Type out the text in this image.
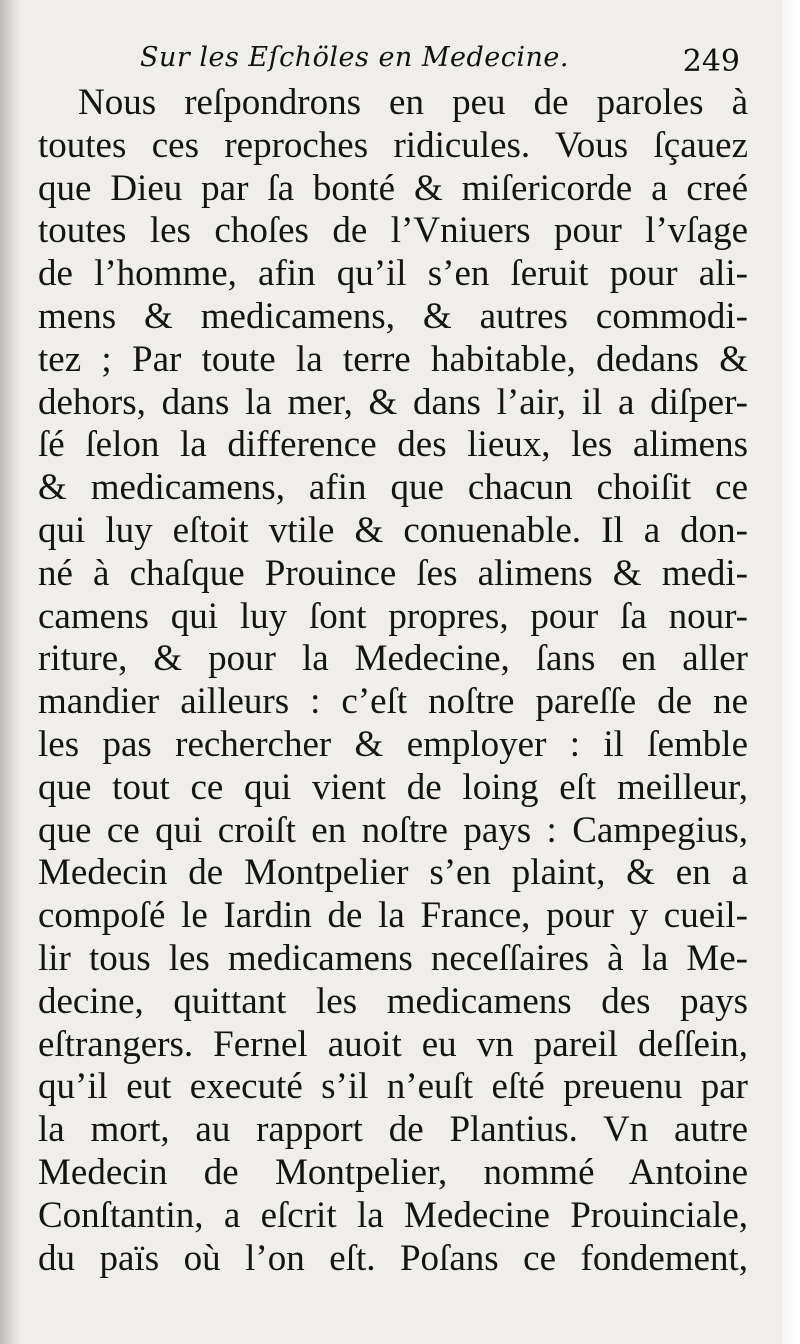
Sur les Eſchöles en Medecine.	249
Nous reſpondrons en peu de paroles à
toutes ces reproches ridicules. Vous ſçauez
que Dieu par ſa bonté & miſericorde a creé
toutes les choſes de l’Vniuers pour l’vſage
de l’homme, afin qu’il s’en ſeruit pour ali-
mens & medicamens, & autres commodi-
tez ; Par toute la terre habitable, dedans &
dehors, dans la mer, & dans l’air, il a diſper-
ſé ſelon la difference des lieux, les alimens
& medicamens, afin que chacun choiſit ce
qui luy eſtoit vtile & conuenable. Il a don-
né à chaſque Prouince ſes alimens & medi-
camens qui luy ſont propres, pour ſa nour-
riture, & pour la Medecine, ſans en aller
mandier ailleurs : c’eſt noſtre pareſſe de ne
les pas rechercher & employer : il ſemble
que tout ce qui vient de loing eſt meilleur,
que ce qui croiſt en noſtre pays : Campegius,
Medecin de Montpelier s’en plaint, & en a
compoſé le Iardin de la France, pour y cueil-
lir tous les medicamens neceſſaires à la Me-
decine, quittant les medicamens des pays
eſtrangers. Fernel auoit eu vn pareil deſſein,
qu’il eut executé s’il n’euſt eſté preuenu par
la mort, au rapport de Plantius. Vn autre
Medecin de Montpelier, nommé Antoine
Conſtantin, a eſcrit la Medecine Prouinciale,
du païs où l’on eſt. Poſans ce fondement,
